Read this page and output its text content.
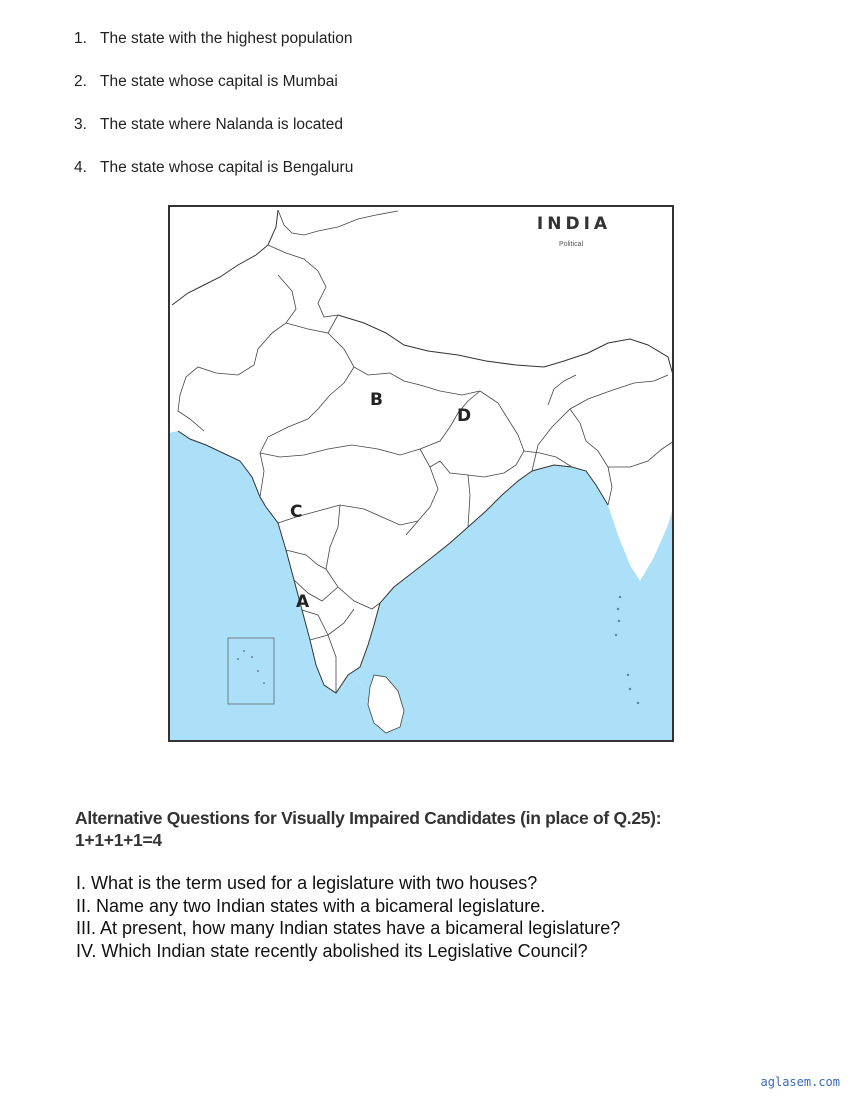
1. The state with the highest population
2. The state whose capital is Mumbai
3. The state where Nalanda is located
4. The state whose capital is Bengaluru
INDIA
Political
B
D
C
A
Alternative Questions for Visually Impaired Candidates (in place of Q.25):
1+1+1+1=4
I. What is the term used for a legislature with two houses?
II. Name any two Indian states with a bicameral legislature.
III. At present, how many Indian states have a bicameral legislature?
IV. Which Indian state recently abolished its Legislative Council?
aglasem.com
